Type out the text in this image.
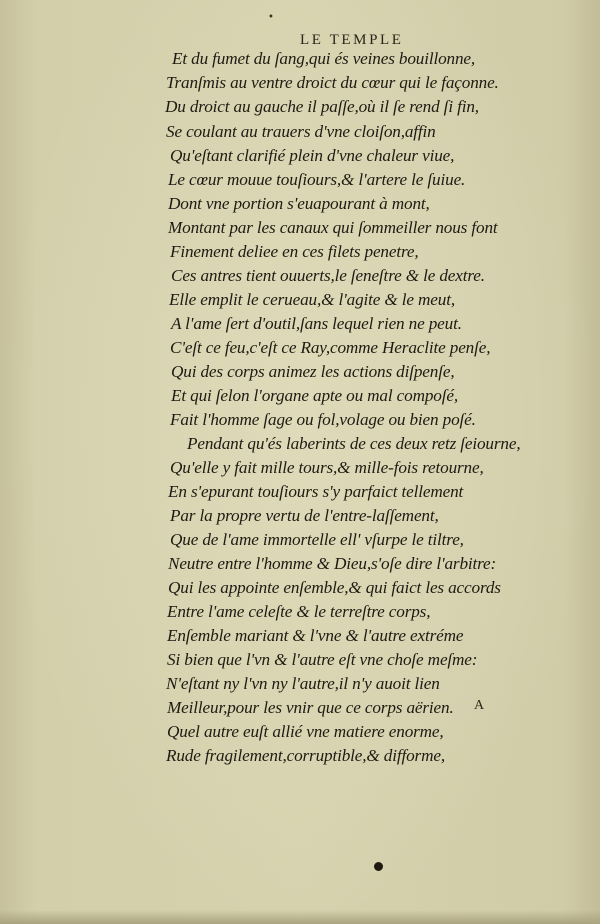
•
LE TEMPLE
Et du fumet du ſang,qui és veines bouillonne,
Tranſmis au ventre droict du cœur qui le façonne.
Du droict au gauche il paſſe,où il ſe rend ſi fin,
Se coulant au trauers d'vne cloiſon,affin
Qu'eſtant clarifié plein d'vne chaleur viue,
Le cœur mouue touſiours,& l'artere le ſuiue.
Dont vne portion s'euapourant à mont,
Montant par les canaux qui ſommeiller nous font
Finement deliee en ces filets penetre,
Ces antres tient ouuerts,le ſeneſtre & le dextre.
Elle emplit le cerueau,& l'agite & le meut,
A l'ame ſert d'outil,ſans lequel rien ne peut.
C'eſt ce feu,c'eſt ce Ray,comme Heraclite penſe,
Qui des corps animez les actions diſpenſe,
Et qui ſelon l'organe apte ou mal compoſé,
Fait l'homme ſage ou fol,volage ou bien poſé.
Pendant qu'és laberints de ces deux retz ſeiourne,
Qu'elle y fait mille tours,& mille-fois retourne,
En s'epurant touſiours s'y parfaict tellement
Par la propre vertu de l'entre-laſſement,
Que de l'ame immortelle ell' vſurpe le tiltre,
Neutre entre l'homme & Dieu,s'oſe dire l'arbitre:
Qui les appointe enſemble,& qui faict les accords
Entre l'ame celeſte & le terreſtre corps,
Enſemble mariant & l'vne & l'autre extréme
Si bien que l'vn & l'autre eſt vne choſe meſme:
N'eſtant ny l'vn ny l'autre,il n'y auoit lien
Meilleur,pour les vnir que ce corps aërien.
Quel autre euſt allié vne matiere enorme,
Rude fragilement,corruptible,& difforme,
A
